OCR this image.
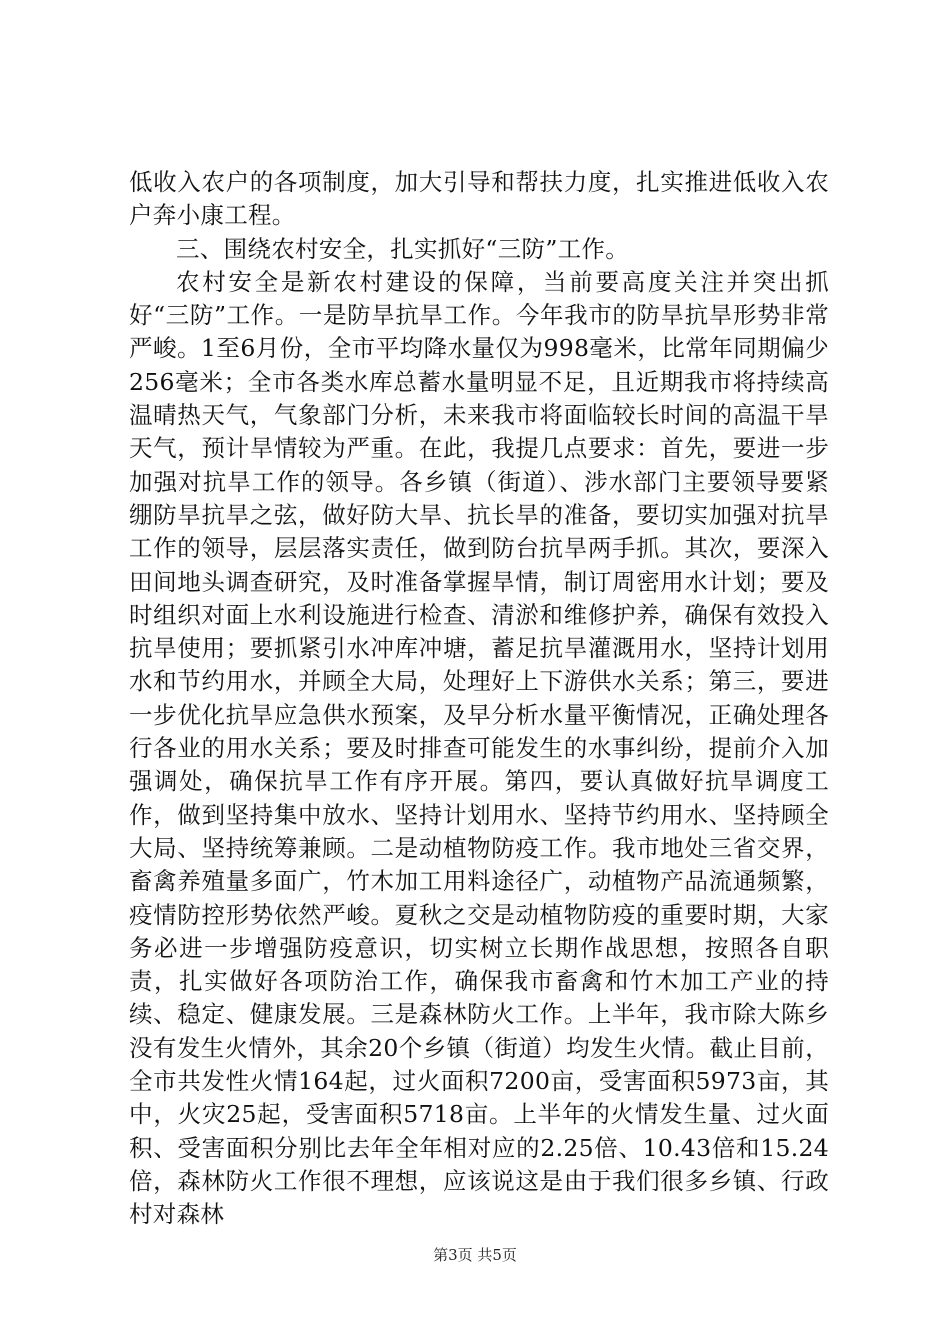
低收入农户的各项制度，加大引导和帮扶力度，扎实推进低收入农户奔小康工程。

三、围绕农村安全，扎实抓好“三防”工作。

农村安全是新农村建设的保障，当前要高度关注并突出抓好“三防”工作。一是防旱抗旱工作。今年我市的防旱抗旱形势非常严峻。1至6月份，全市平均降水量仅为998毫米，比常年同期偏少256毫米；全市各类水库总蓄水量明显不足，且近期我市将持续高温晴热天气，气象部门分析，未来我市将面临较长时间的高温干旱天气，预计旱情较为严重。在此，我提几点要求：首先，要进一步加强对抗旱工作的领导。各乡镇（街道）、涉水部门主要领导要紧绷防旱抗旱之弦，做好防大旱、抗长旱的准备，要切实加强对抗旱工作的领导，层层落实责任，做到防台抗旱两手抓。其次，要深入田间地头调查研究，及时准备掌握旱情，制订周密用水计划；要及时组织对面上水利设施进行检查、清淤和维修护养，确保有效投入抗旱使用；要抓紧引水冲库冲塘，蓄足抗旱灌溉用水，坚持计划用水和节约用水，并顾全大局，处理好上下游供水关系；第三，要进一步优化抗旱应急供水预案，及早分析水量平衡情况，正确处理各行各业的用水关系；要及时排查可能发生的水事纠纷，提前介入加强调处，确保抗旱工作有序开展。第四，要认真做好抗旱调度工作，做到坚持集中放水、坚持计划用水、坚持节约用水、坚持顾全大局、坚持统筹兼顾。二是动植物防疫工作。我市地处三省交界，畜禽养殖量多面广，竹木加工用料途径广，动植物产品流通频繁，疫情防控形势依然严峻。夏秋之交是动植物防疫的重要时期，大家务必进一步增强防疫意识，切实树立长期作战思想，按照各自职责，扎实做好各项防治工作，确保我市畜禽和竹木加工产业的持续、稳定、健康发展。三是森林防火工作。上半年，我市除大陈乡没有发生火情外，其余20个乡镇（街道）均发生火情。截止目前，全市共发性火情164起，过火面积7200亩，受害面积5973亩，其中，火灾25起，受害面积5718亩。上半年的火情发生量、过火面积、受害面积分别比去年全年相对应的2.25倍、10.43倍和15.24倍，森林防火工作很不理想，应该说这是由于我们很多乡镇、行政村对森林

第3页 共5页
